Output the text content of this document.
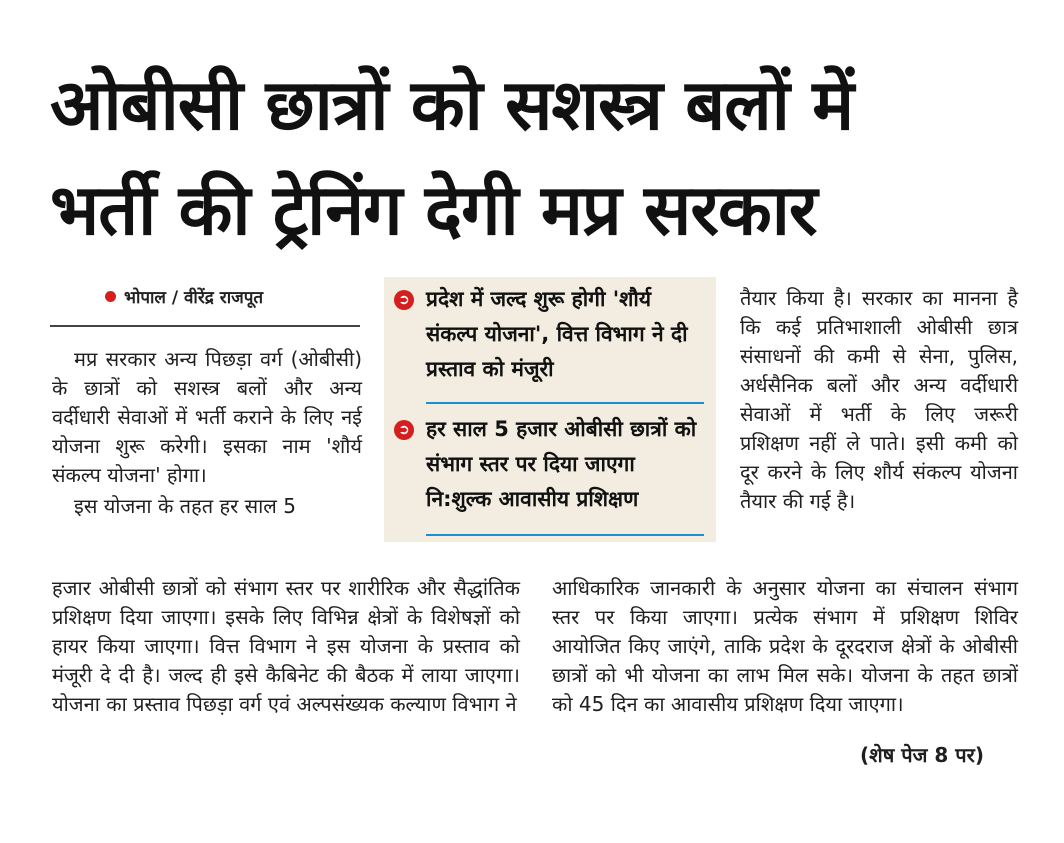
ओबीसी छात्रों को सशस्त्र बलों में
भर्ती की ट्रेनिंग देगी मप्र सरकार
भोपाल / वीरेंद्र राजपूत

मप्र सरकार अन्य पिछड़ा वर्ग (ओबीसी) के छात्रों को सशस्त्र बलों और अन्य वर्दीधारी सेवाओं में भर्ती कराने के लिए नई योजना शुरू करेगी। इसका नाम 'शौर्य संकल्प योजना' होगा।

इस योजना के तहत हर साल 5

➲ प्रदेश में जल्द शुरू होगी 'शौर्य संकल्प योजना', वित्त विभाग ने दी प्रस्ताव को मंजूरी
➲ हर साल 5 हजार ओबीसी छात्रों को संभाग स्तर पर दिया जाएगा नि:शुल्क आवासीय प्रशिक्षण
तैयार किया है। सरकार का मानना है कि कई प्रतिभाशाली ओबीसी छात्र संसाधनों की कमी से सेना, पुलिस, अर्धसैनिक बलों और अन्य वर्दीधारी सेवाओं में भर्ती के लिए जरूरी प्रशिक्षण नहीं ले पाते। इसी कमी को दूर करने के लिए शौर्य संकल्प योजना तैयार की गई है।
हजार ओबीसी छात्रों को संभाग स्तर पर शारीरिक और सैद्धांतिक प्रशिक्षण दिया जाएगा। इसके लिए विभिन्न क्षेत्रों के विशेषज्ञों को हायर किया जाएगा। वित्त विभाग ने इस योजना के प्रस्ताव को मंजूरी दे दी है। जल्द ही इसे कैबिनेट की बैठक में लाया जाएगा। योजना का प्रस्ताव पिछड़ा वर्ग एवं अल्पसंख्यक कल्याण विभाग ने
आधिकारिक जानकारी के अनुसार योजना का संचालन संभाग स्तर पर किया जाएगा। प्रत्येक संभाग में प्रशिक्षण शिविर आयोजित किए जाएंगे, ताकि प्रदेश के दूरदराज क्षेत्रों के ओबीसी छात्रों को भी योजना का लाभ मिल सके। योजना के तहत छात्रों को 45 दिन का आवासीय प्रशिक्षण दिया जाएगा।
(शेष पेज 8 पर)
